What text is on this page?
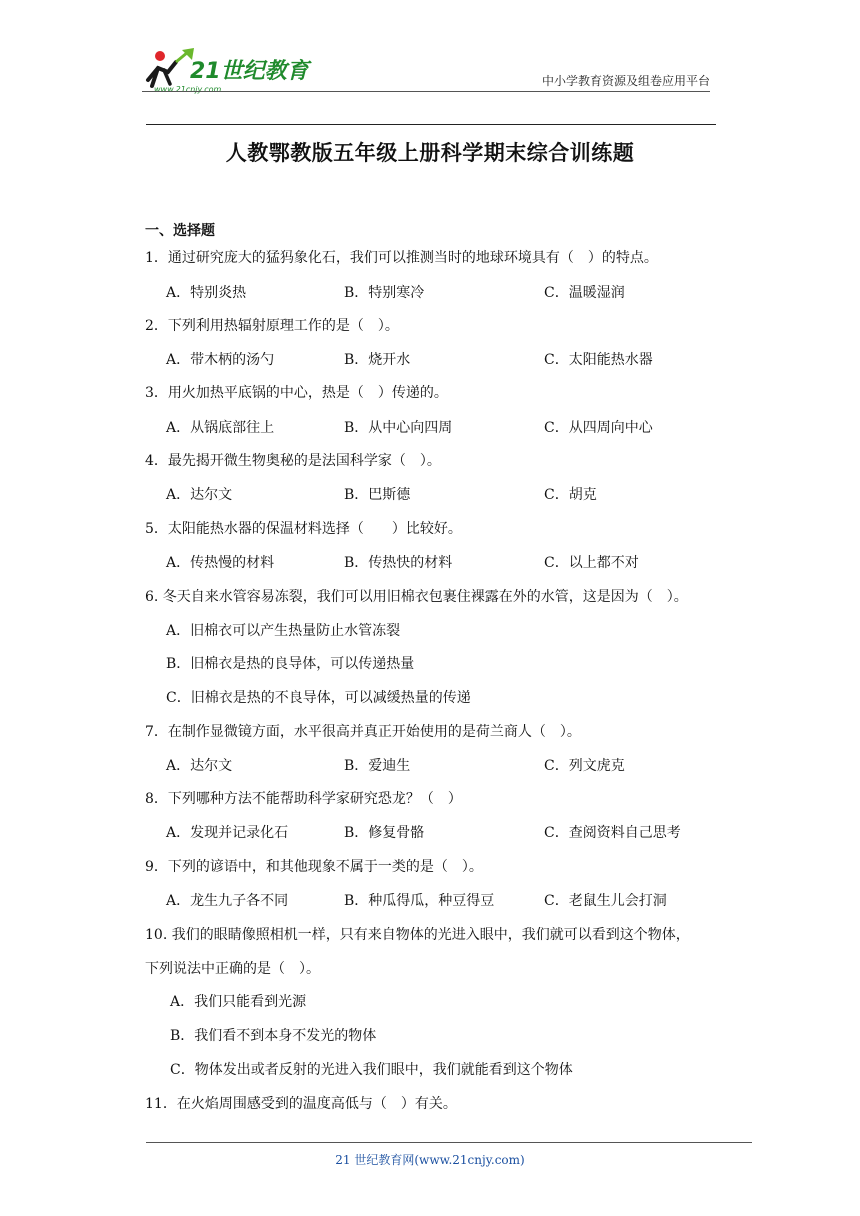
21世纪教育
www.21cnjy.com
中小学教育资源及组卷应用平台
人教鄂教版五年级上册科学期末综合训练题
一、选择题
1．通过研究庞大的猛犸象化石，我们可以推测当时的地球环境具有（　）的特点。
A．特别炎热	B．特别寒冷	C．温暖湿润
2．下列利用热辐射原理工作的是（　）。
A．带木柄的汤勺	B．烧开水	C．太阳能热水器
3．用火加热平底锅的中心，热是（　）传递的。
A．从锅底部往上	B．从中心向四周	C．从四周向中心
4．最先揭开微生物奥秘的是法国科学家（　）。
A．达尔文	B．巴斯德	C．胡克
5．太阳能热水器的保温材料选择（　　）比较好。
A．传热慢的材料	B．传热快的材料	C．以上都不对
6. 冬天自来水管容易冻裂，我们可以用旧棉衣包裹住裸露在外的水管，这是因为（　）。
A．旧棉衣可以产生热量防止水管冻裂
B．旧棉衣是热的良导体，可以传递热量
C．旧棉衣是热的不良导体，可以减缓热量的传递
7．在制作显微镜方面，水平很高并真正开始使用的是荷兰商人（　）。
A．达尔文	B．爱迪生	C．列文虎克
8．下列哪种方法不能帮助科学家研究恐龙？（　）
A．发现并记录化石	B．修复骨骼	C．查阅资料自己思考
9．下列的谚语中，和其他现象不属于一类的是（　）。
A．龙生九子各不同	B．种瓜得瓜，种豆得豆	C．老鼠生儿会打洞
10. 我们的眼睛像照相机一样，只有来自物体的光进入眼中，我们就可以看到这个物体，
下列说法中正确的是（　）。
A．我们只能看到光源
B．我们看不到本身不发光的物体
C．物体发出或者反射的光进入我们眼中，我们就能看到这个物体
11．在火焰周围感受到的温度高低与（　）有关。
21 世纪教育网(www.21cnjy.com)
